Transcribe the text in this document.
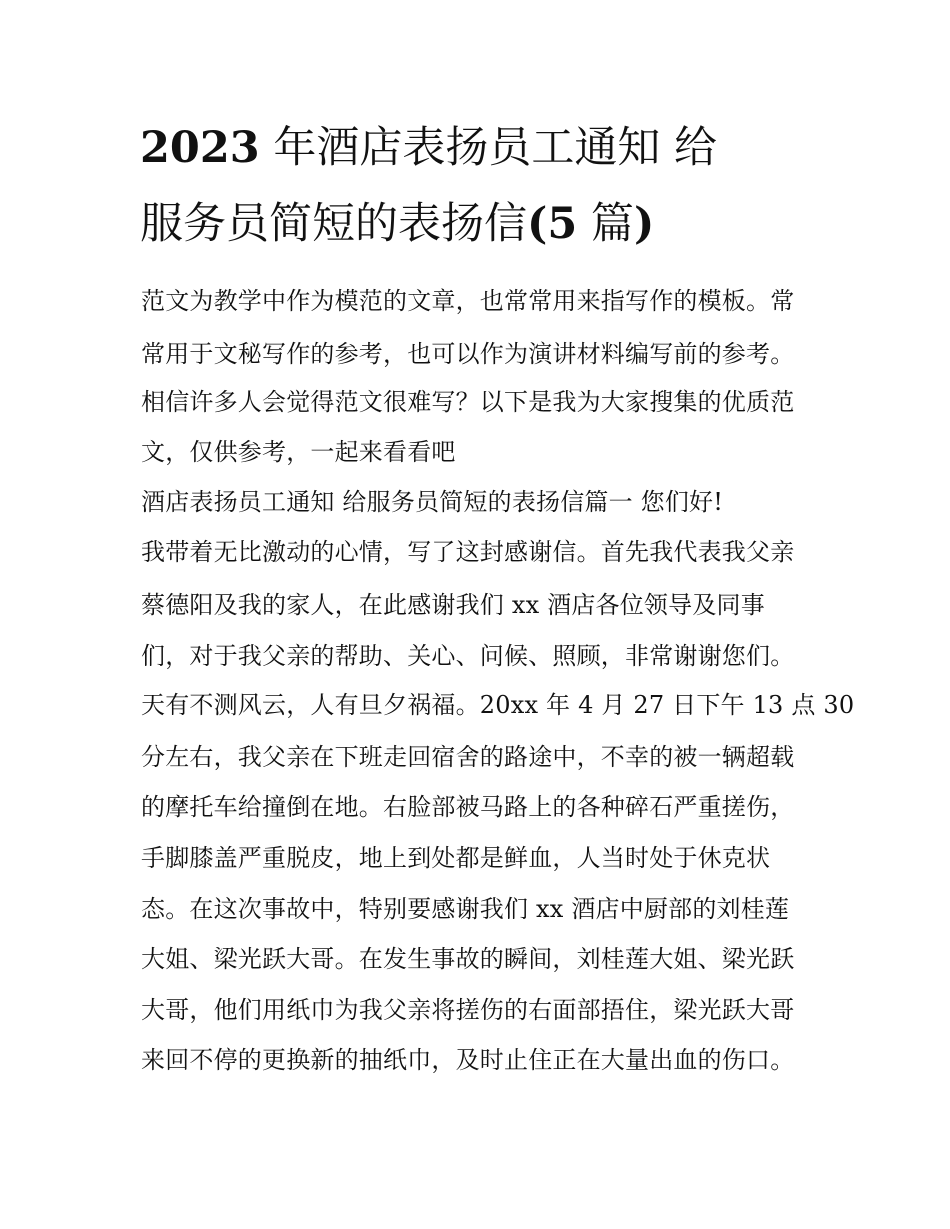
2023 年酒店表扬员工通知 给
服务员简短的表扬信(5 篇)
范文为教学中作为模范的文章，也常常用来指写作的模板。常
常用于文秘写作的参考，也可以作为演讲材料编写前的参考。
相信许多人会觉得范文很难写？以下是我为大家搜集的优质范
文，仅供参考，一起来看看吧
酒店表扬员工通知 给服务员简短的表扬信篇一 您们好!
我带着无比激动的心情，写了这封感谢信。首先我代表我父亲
蔡德阳及我的家人，在此感谢我们 xx 酒店各位领导及同事
们，对于我父亲的帮助、关心、问候、照顾，非常谢谢您们。
天有不测风云，人有旦夕祸福。20xx 年 4 月 27 日下午 13 点 30
分左右，我父亲在下班走回宿舍的路途中，不幸的被一辆超载
的摩托车给撞倒在地。右脸部被马路上的各种碎石严重搓伤，
手脚膝盖严重脱皮，地上到处都是鲜血，人当时处于休克状
态。在这次事故中，特别要感谢我们 xx 酒店中厨部的刘桂莲
大姐、梁光跃大哥。在发生事故的瞬间，刘桂莲大姐、梁光跃
大哥，他们用纸巾为我父亲将搓伤的右面部捂住，梁光跃大哥
来回不停的更换新的抽纸巾，及时止住正在大量出血的伤口。
